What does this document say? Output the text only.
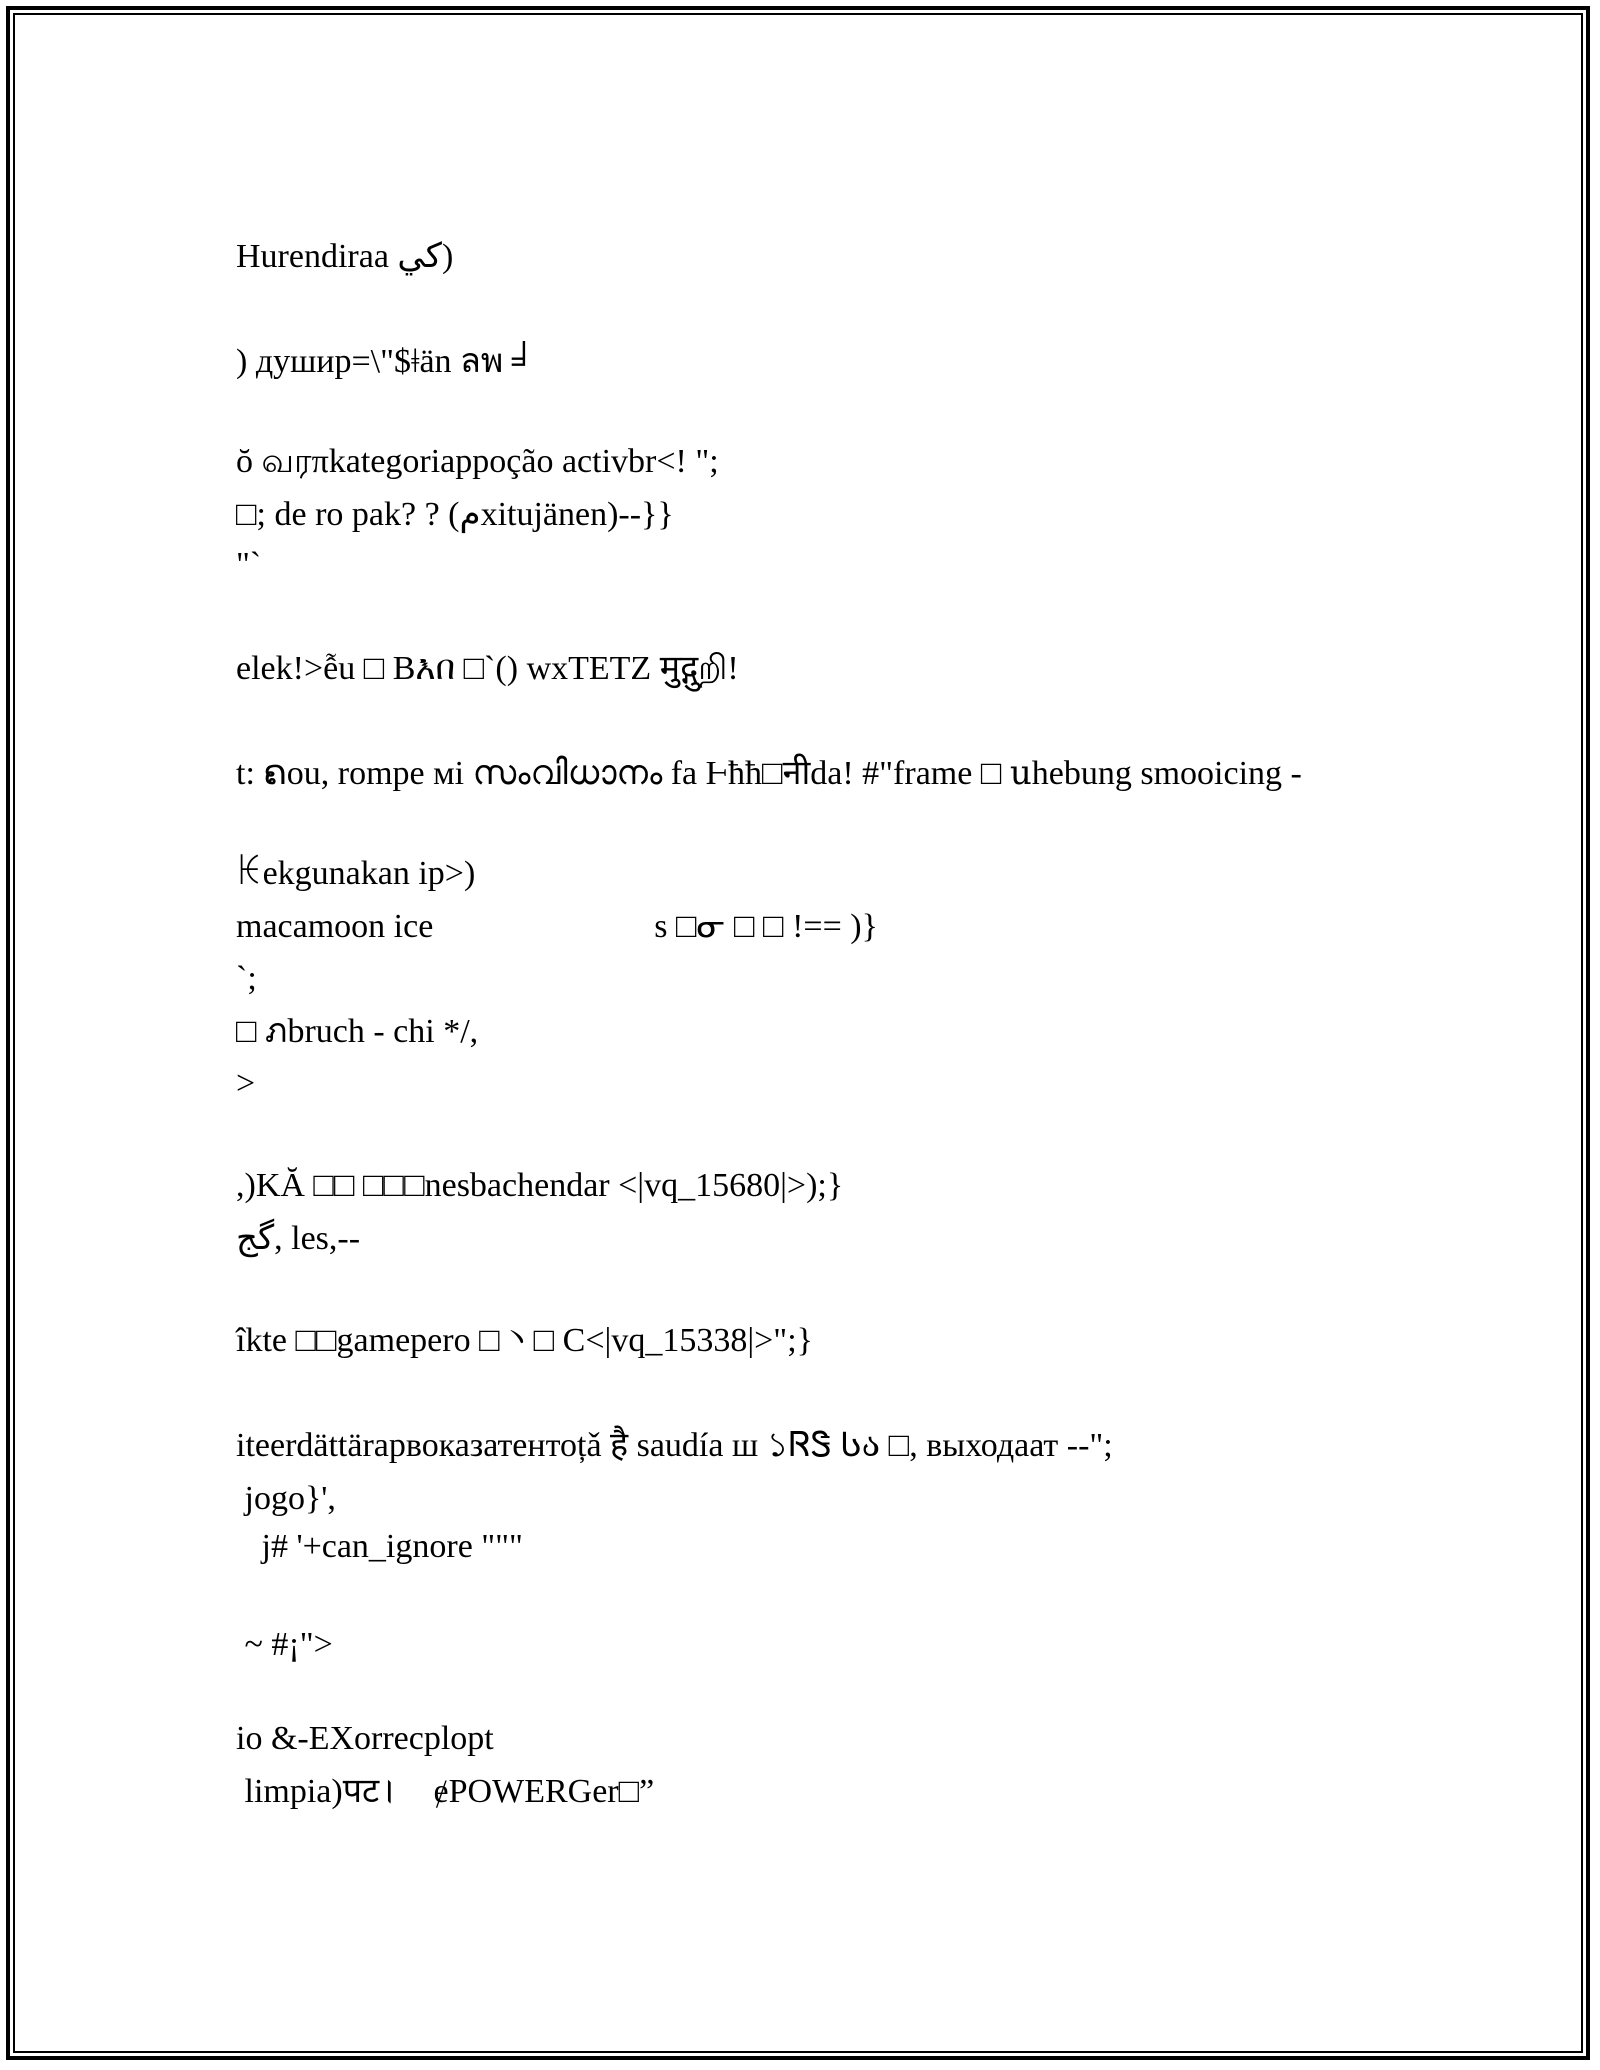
Hurendiraa كي)
) душир=\"$ǂän ลพ ╛
ŏ வரπkategoriappoção activbr<! ";
□; de ro pak? ? (مxitujänen)--}}
"`
elek!>ễu □ Bእበ □`() wxTETZ मुद्गुறி!
t: ຄou, rompe мi സംവിധാനം fa Ⱶħħ□नीda! #"frame □ սhebung smooicing -
ꀘekgunakan ip>)
macamoon ice                          s □ᓂ □ □ !== )}
`;
□ ภbruch - chi */,
>
,)KĂ □□ □□□nesbachendar <|vq_15680|>);}
گج, les,--
îkte □□gamepero □丶□ C<|vq_15338|>";}
iteerdättärapвоказатентоțǎ है saudía ш ১ᏒᏕ Სა □, выходаат --";
jogo}',
j# '+can_ignore """
~ #¡">
io &-EXorrecplopt
limpia)पट꠰    ɇPOWERGer□”
